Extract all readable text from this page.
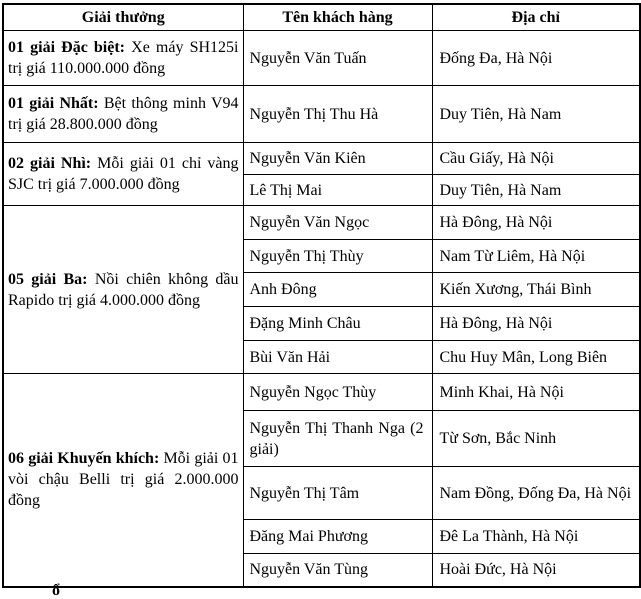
Giải thưởng	Tên khách hàng	Địa chỉ
01 giải Đặc biệt: Xe máy SH125i trị giá 110.000.000 đồng	Nguyễn Văn Tuấn	Đống Đa, Hà Nội
01 giải Nhất: Bệt thông minh V94 trị giá 28.800.000 đồng	Nguyễn Thị Thu Hà	Duy Tiên, Hà Nam
02 giải Nhì: Mỗi giải 01 chỉ vàng SJC trị giá 7.000.000 đồng	Nguyễn Văn Kiên	Cầu Giấy, Hà Nội
	Lê Thị Mai	Duy Tiên, Hà Nam
05 giải Ba: Nồi chiên không dầu Rapido trị giá 4.000.000 đồng	Nguyễn Văn Ngọc	Hà Đông, Hà Nội
	Nguyễn Thị Thùy	Nam Từ Liêm, Hà Nội
	Anh Đông	Kiến Xương, Thái Bình
	Đặng Minh Châu	Hà Đông, Hà Nội
	Bùi Văn Hải	Chu Huy Mân, Long Biên
06 giải Khuyến khích: Mỗi giải 01 vòi chậu Belli trị giá 2.000.000 đồng	Nguyễn Ngọc Thùy	Minh Khai, Hà Nội
	Nguyễn Thị Thanh Nga (2 giải)	Từ Sơn, Bắc Ninh
	Nguyễn Thị Tâm	Nam Đồng, Đống Đa, Hà Nội
	Đăng Mai Phương	Đê La Thành, Hà Nội
	Nguyễn Văn Tùng	Hoài Đức, Hà Nội
ổ
